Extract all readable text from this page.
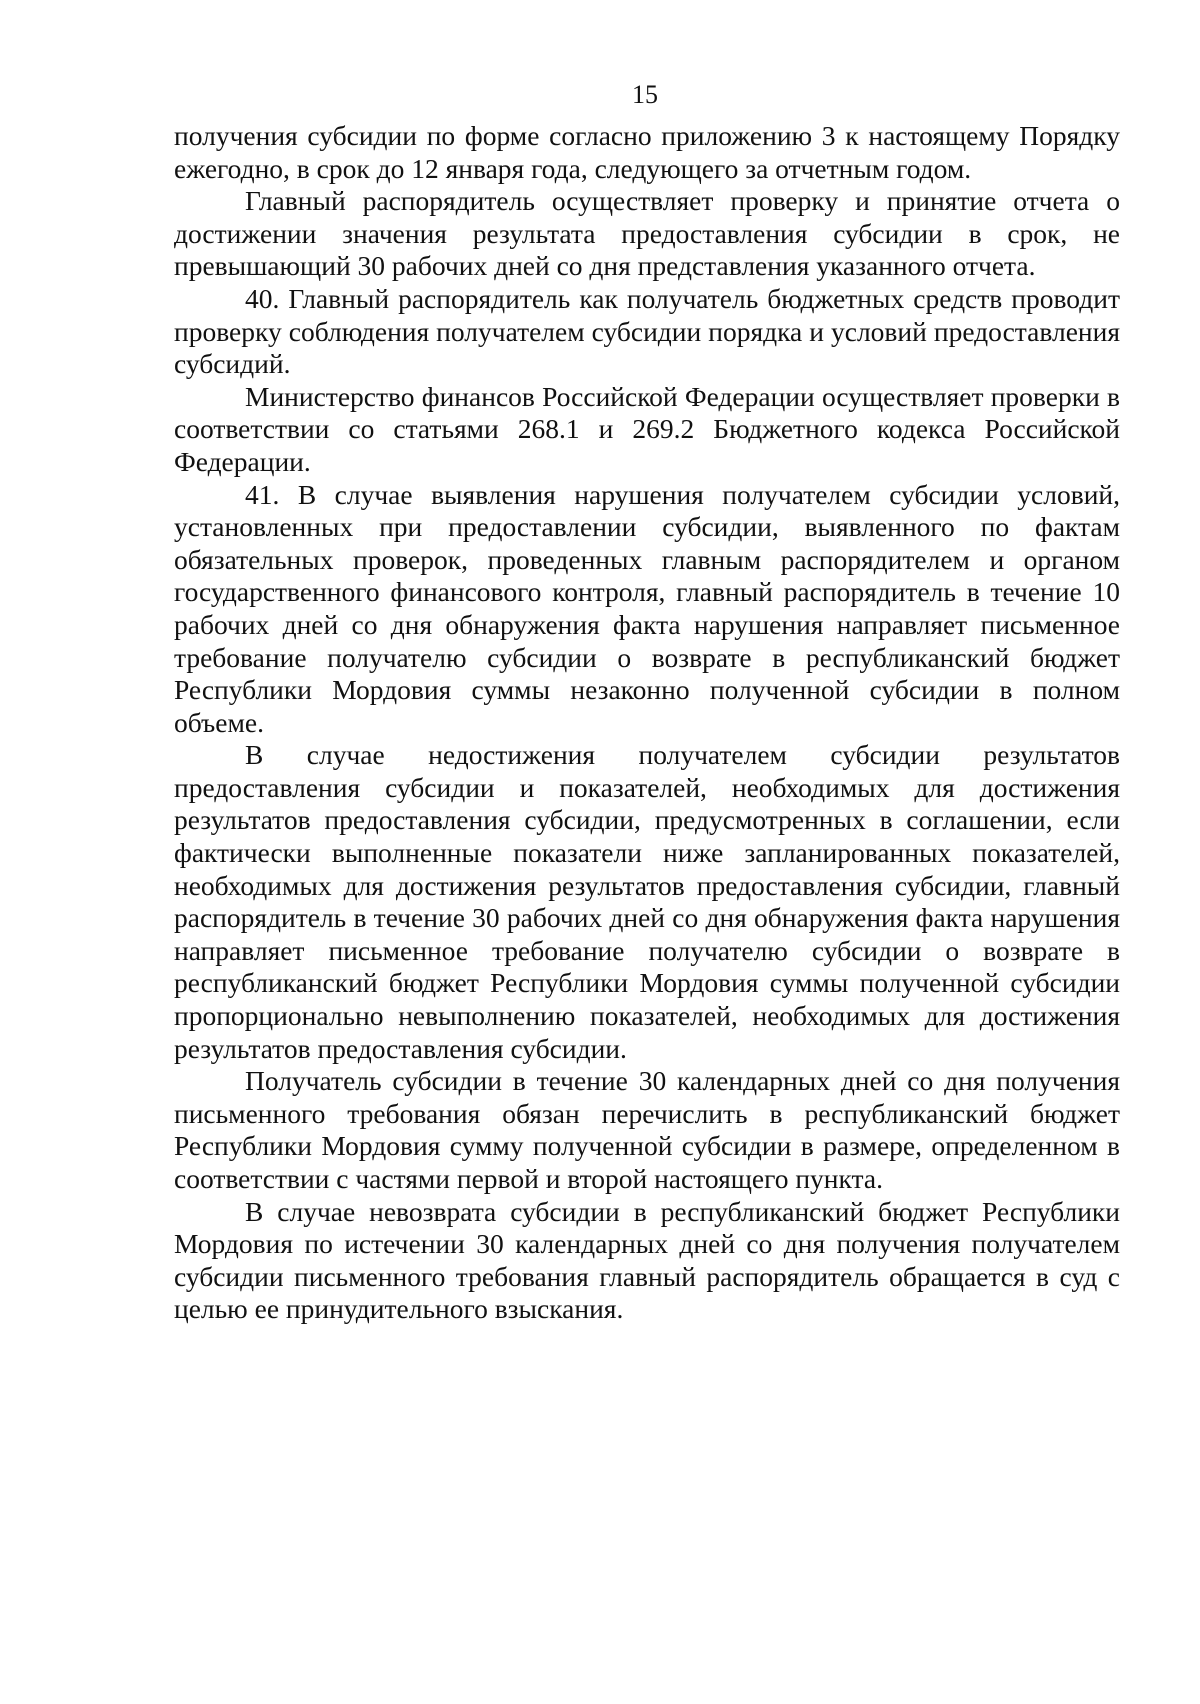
15

получения субсидии по форме согласно приложению 3 к настоящему Порядку ежегодно, в срок до 12 января года, следующего за отчетным годом.

Главный распорядитель осуществляет проверку и принятие отчета о достижении значения результата предоставления субсидии в срок, не превышающий 30 рабочих дней со дня представления указанного отчета.

40. Главный распорядитель как получатель бюджетных средств проводит проверку соблюдения получателем субсидии порядка и условий предоставления субсидий.

Министерство финансов Российской Федерации осуществляет проверки в соответствии со статьями 268.1 и 269.2 Бюджетного кодекса Российской Федерации.

41. В случае выявления нарушения получателем субсидии условий, установленных при предоставлении субсидии, выявленного по фактам обязательных проверок, проведенных главным распорядителем и органом государственного финансового контроля, главный распорядитель в течение 10 рабочих дней со дня обнаружения факта нарушения направляет письменное требование получателю субсидии о возврате в республиканский бюджет Республики Мордовия суммы незаконно полученной субсидии в полном объеме.

В случае недостижения получателем субсидии результатов предоставления субсидии и показателей, необходимых для достижения результатов предоставления субсидии, предусмотренных в соглашении, если фактически выполненные показатели ниже запланированных показателей, необходимых для достижения результатов предоставления субсидии, главный распорядитель в течение 30 рабочих дней со дня обнаружения факта нарушения направляет письменное требование получателю субсидии о возврате в республиканский бюджет Республики Мордовия суммы полученной субсидии пропорционально невыполнению показателей, необходимых для достижения результатов предоставления субсидии.

Получатель субсидии в течение 30 календарных дней со дня получения письменного требования обязан перечислить в республиканский бюджет Республики Мордовия сумму полученной субсидии в размере, определенном в соответствии с частями первой и второй настоящего пункта.

В случае невозврата субсидии в республиканский бюджет Республики Мордовия по истечении 30 календарных дней со дня получения получателем субсидии письменного требования главный распорядитель обращается в суд с целью ее принудительного взыскания.
